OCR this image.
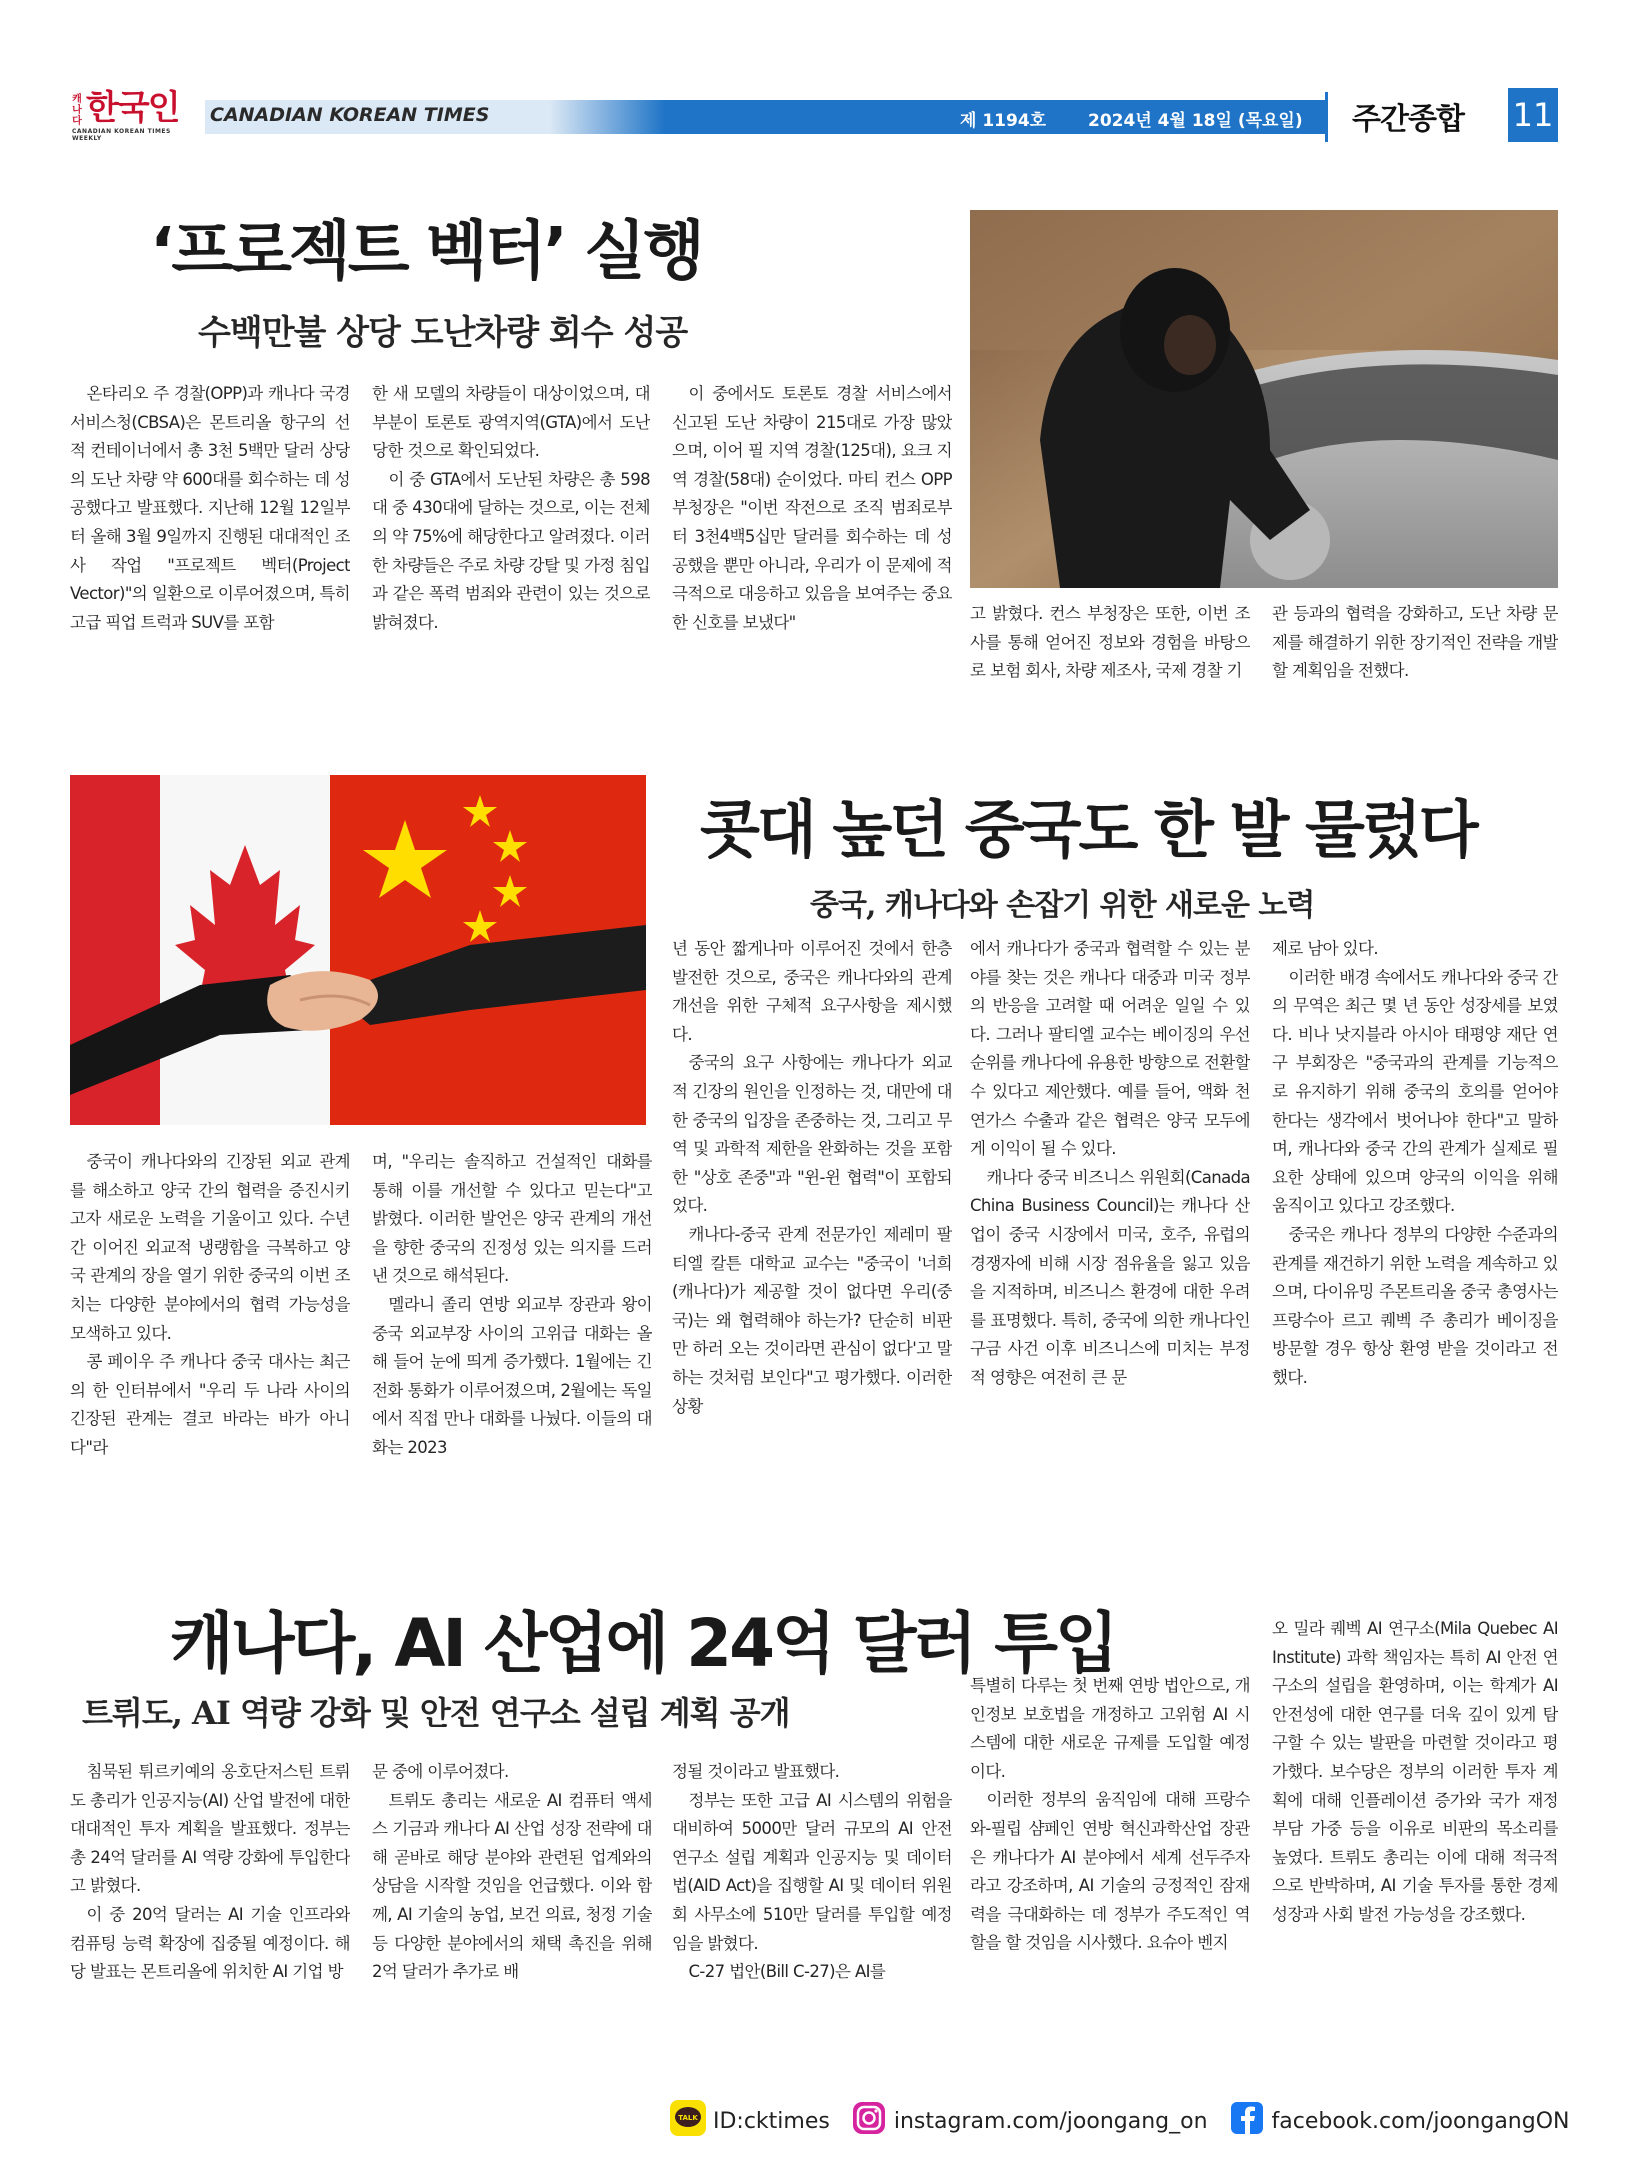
캐나다 한국인
CANADIAN KOREAN TIMES WEEKLY
CANADIAN KOREAN TIMES	제 1194호 2024년 4월 18일 (목요일) 주간종합 11
‘프로젝트 벡터’ 실행
수백만불 상당 도난차량 회수 성공

온타리오 주 경찰(OPP)과 캐나다 국경 서비스청(CBSA)은 몬트리올 항구의 선적 컨테이너에서 총 3천 5백만 달러 상당의 도난 차량 약 600대를 회수하는 데 성공했다고 발표했다. 지난해 12월 12일부터 올해 3월 9일까지 진행된 대대적인 조사 작업 "프로젝트 벡터(Project Vector)"의 일환으로 이루어졌으며, 특히 고급 픽업 트럭과 SUV를 포함

한 새 모델의 차량들이 대상이었으며, 대부분이 토론토 광역지역(GTA)에서 도난 당한 것으로 확인되었다.

이 중 GTA에서 도난된 차량은 총 598대 중 430대에 달하는 것으로, 이는 전체의 약 75%에 해당한다고 알려졌다. 이러한 차량들은 주로 차량 강탈 및 가정 침입과 같은 폭력 범죄와 관련이 있는 것으로 밝혀졌다.

이 중에서도 토론토 경찰 서비스에서 신고된 도난 차량이 215대로 가장 많았으며, 이어 필 지역 경찰(125대), 요크 지역 경찰(58대) 순이었다. 마티 컨스 OPP 부청장은 "이번 작전으로 조직 범죄로부터 3천4백5십만 달러를 회수하는 데 성공했을 뿐만 아니라, 우리가 이 문제에 적극적으로 대응하고 있음을 보여주는 중요한 신호를 보냈다"	고 밝혔다. 컨스 부청장은 또한, 이번 조사를 통해 얻어진 정보와 경험을 바탕으로 보험 회사, 차량 제조사, 국제 경찰 기

관 등과의 협력을 강화하고, 도난 차량 문제를 해결하기 위한 장기적인 전략을 개발할 계획임을 전했다.

콧대 높던 중국도 한 발 물렀다
중국, 캐나다와 손잡기 위한 새로운 노력

중국이 캐나다와의 긴장된 외교 관계를 해소하고 양국 간의 협력을 증진시키고자 새로운 노력을 기울이고 있다. 수년 간 이어진 외교적 냉랭함을 극복하고 양국 관계의 장을 열기 위한 중국의 이번 조치는 다양한 분야에서의 협력 가능성을 모색하고 있다.

콩 페이우 주 캐나다 중국 대사는 최근의 한 인터뷰에서 "우리 두 나라 사이의 긴장된 관계는 결코 바라는 바가 아니다"라

며, "우리는 솔직하고 건설적인 대화를 통해 이를 개선할 수 있다고 믿는다"고 밝혔다. 이러한 발언은 양국 관계의 개선을 향한 중국의 진정성 있는 의지를 드러낸 것으로 해석된다.

멜라니 졸리 연방 외교부 장관과 왕이 중국 외교부장 사이의 고위급 대화는 올해 들어 눈에 띄게 증가했다. 1월에는 긴 전화 통화가 이루어졌으며, 2월에는 독일에서 직접 만나 대화를 나눴다. 이들의 대화는 2023

년 동안 짧게나마 이루어진 것에서 한층 발전한 것으로, 중국은 캐나다와의 관계 개선을 위한 구체적 요구사항을 제시했다.

중국의 요구 사항에는 캐나다가 외교적 긴장의 원인을 인정하는 것, 대만에 대한 중국의 입장을 존중하는 것, 그리고 무역 및 과학적 제한을 완화하는 것을 포함한 "상호 존중"과 "윈-윈 협력"이 포함되었다.

캐나다-중국 관계 전문가인 제레미 팔티엘 칼튼 대학교 교수는 "중국이 '너희(캐나다)가 제공할 것이 없다면 우리(중국)는 왜 협력해야 하는가? 단순히 비판만 하러 오는 것이라면 관심이 없다'고 말하는 것처럼 보인다"고 평가했다. 이러한 상황

에서 캐나다가 중국과 협력할 수 있는 분야를 찾는 것은 캐나다 대중과 미국 정부의 반응을 고려할 때 어려운 일일 수 있다. 그러나 팔티엘 교수는 베이징의 우선순위를 캐나다에 유용한 방향으로 전환할 수 있다고 제안했다. 예를 들어, 액화 천연가스 수출과 같은 협력은 양국 모두에게 이익이 될 수 있다.

캐나다 중국 비즈니스 위원회(Canada China Business Council)는 캐나다 산업이 중국 시장에서 미국, 호주, 유럽의 경쟁자에 비해 시장 점유율을 잃고 있음을 지적하며, 비즈니스 환경에 대한 우려를 표명했다. 특히, 중국에 의한 캐나다인 구금 사건 이후 비즈니스에 미치는 부정적 영향은 여전히 큰 문

제로 남아 있다.

이러한 배경 속에서도 캐나다와 중국 간의 무역은 최근 몇 년 동안 성장세를 보였다. 비나 낫지블라 아시아 태평양 재단 연구 부회장은 "중국과의 관계를 기능적으로 유지하기 위해 중국의 호의를 얻어야 한다는 생각에서 벗어나야 한다"고 말하며, 캐나다와 중국 간의 관계가 실제로 필요한 상태에 있으며 양국의 이익을 위해 움직이고 있다고 강조했다.

중국은 캐나다 정부의 다양한 수준과의 관계를 재건하기 위한 노력을 계속하고 있으며, 다이유밍 주몬트리올 중국 총영사는 프랑수아 르고 퀘벡 주 총리가 베이징을 방문할 경우 항상 환영 받을 것이라고 전했다.

캐나다, AI 산업에 24억 달러 투입
트뤼도, AI 역량 강화 및 안전 연구소 설립 계획 공개

침묵된 튀르키예의 옹호단저스틴 트뤼도 총리가 인공지능(AI) 산업 발전에 대한 대대적인 투자 계획을 발표했다. 정부는 총 24억 달러를 AI 역량 강화에 투입한다고 밝혔다.

이 중 20억 달러는 AI 기술 인프라와 컴퓨팅 능력 확장에 집중될 예정이다. 해당 발표는 몬트리올에 위치한 AI 기업 방

문 중에 이루어졌다.

트뤼도 총리는 새로운 AI 컴퓨터 액세스 기금과 캐나다 AI 산업 성장 전략에 대해 곧바로 해당 분야와 관련된 업계와의 상담을 시작할 것임을 언급했다. 이와 함께, AI 기술의 농업, 보건 의료, 청정 기술 등 다양한 분야에서의 채택 촉진을 위해 2억 달러가 추가로 배

정될 것이라고 발표했다.

정부는 또한 고급 AI 시스템의 위험을 대비하여 5000만 달러 규모의 AI 안전 연구소 설립 계획과 인공지능 및 데이터 법(AID Act)을 집행할 AI 및 데이터 위원회 사무소에 510만 달러를 투입할 예정임을 밝혔다.

C-27 법안(Bill C-27)은 AI를

특별히 다루는 첫 번째 연방 법안으로, 개인정보 보호법을 개정하고 고위험 AI 시스템에 대한 새로운 규제를 도입할 예정이다.

이러한 정부의 움직임에 대해 프랑수와-필립 샴페인 연방 혁신과학산업 장관은 캐나다가 AI 분야에서 세계 선두주자라고 강조하며, AI 기술의 긍정적인 잠재력을 극대화하는 데 정부가 주도적인 역할을 할 것임을 시사했다. 요슈아 벤지

오 밀라 퀘벡 AI 연구소(Mila Quebec AI Institute) 과학 책임자는 특히 AI 안전 연구소의 설립을 환영하며, 이는 학계가 AI 안전성에 대한 연구를 더욱 깊이 있게 탐구할 수 있는 발판을 마련할 것이라고 평가했다. 보수당은 정부의 이러한 투자 계획에 대해 인플레이션 증가와 국가 재정 부담 가중 등을 이유로 비판의 목소리를 높였다. 트뤼도 총리는 이에 대해 적극적으로 반박하며, AI 기술 투자를 통한 경제 성장과 사회 발전 가능성을 강조했다.

TALK ID:cktimes	instagram.com/joongang_on	facebook.com/joongangON
